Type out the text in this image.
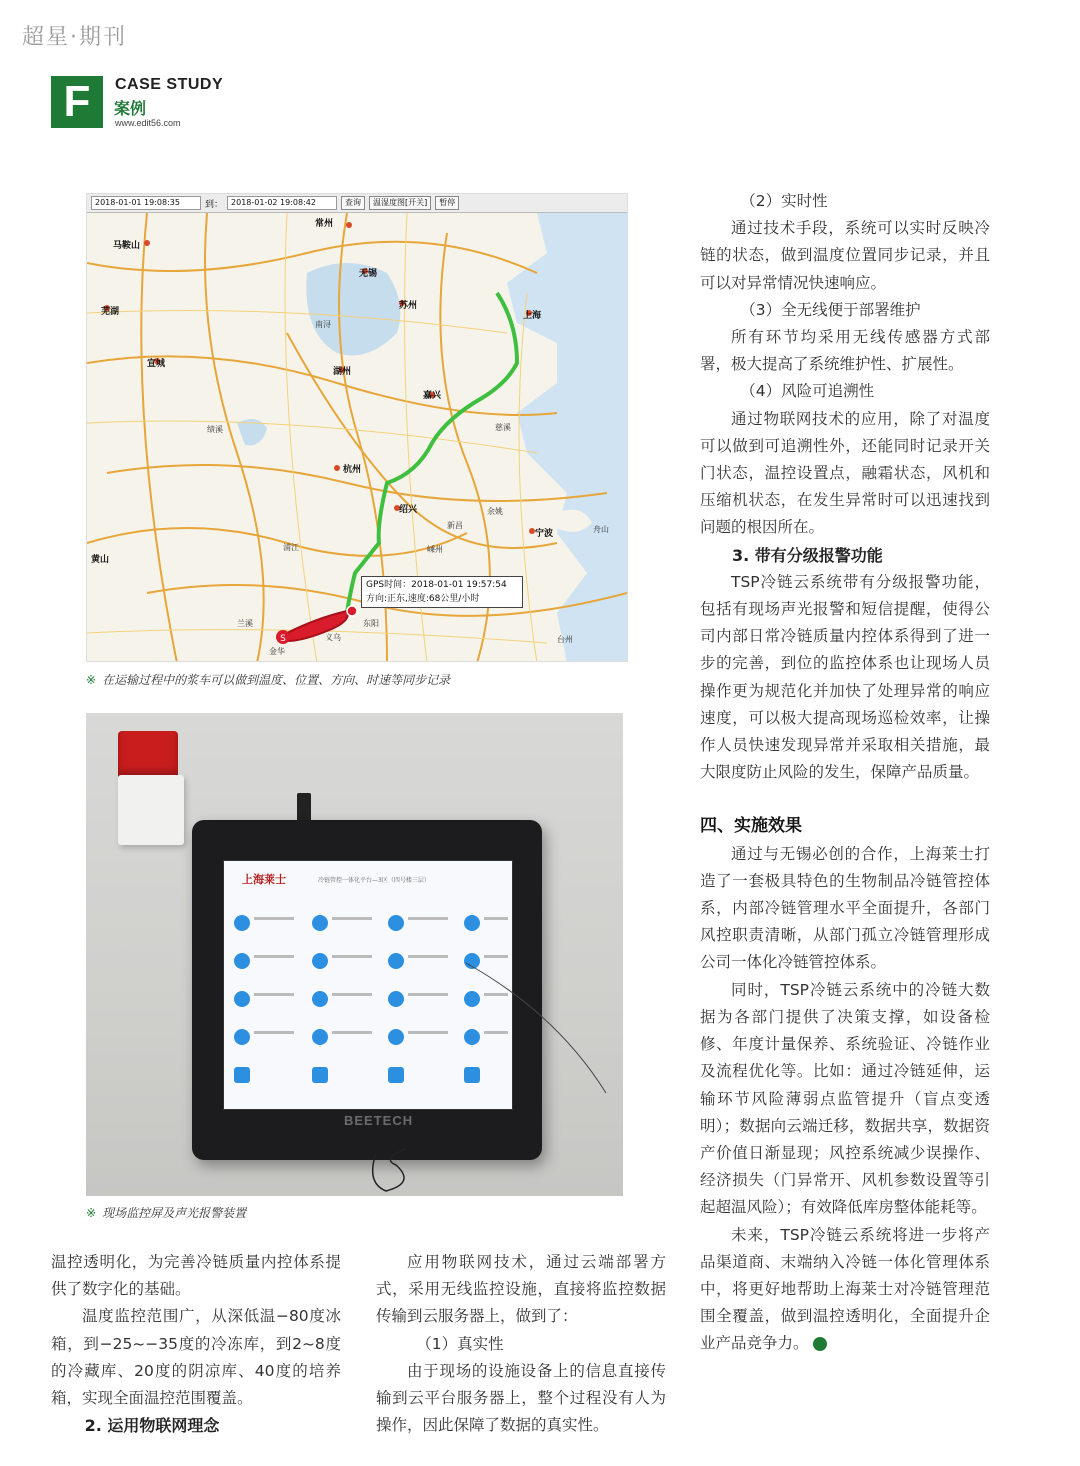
超星·期刊
F	CASE STUDY
案例
www.edit56.com
2018-01-01 19:08:35	到：	2018-01-02 19:08:42	查询	温湿度图[开关]	暂停
S
常州
无锡
苏州
上海
湖州
嘉兴
杭州
绍兴
宁波
芜湖
马鞍山
宣城
黄山
南浔
绩溪
台州
余姚
慈溪
舟山
嵊州
东阳
金华
义乌
浦江
兰溪
新昌
GPS时间：2018-01-01 19:57:54
方向:正东,速度:68公里/小时
※ 在运输过程中的浆车可以做到温度、位置、方向、时速等同步记录
上海莱士	冷链管控一体化平台—3区（四号楼三层）
BEETECH
※ 现场监控屏及声光报警装置

温控透明化，为完善冷链质量内控体系提供了数字化的基础。

温度监控范围广，从深低温−80度冰箱，到−25~−35度的冷冻库，到2~8度的冷藏库、20度的阴凉库、40度的培养箱，实现全面温控范围覆盖。

2. 运用物联网理念

应用物联网技术，通过云端部署方式，采用无线监控设施，直接将监控数据传输到云服务器上，做到了：

（1）真实性

由于现场的设施设备上的信息直接传输到云平台服务器上，整个过程没有人为操作，因此保障了数据的真实性。

（2）实时性

通过技术手段，系统可以实时反映冷链的状态，做到温度位置同步记录，并且可以对异常情况快速响应。

（3）全无线便于部署维护

所有环节均采用无线传感器方式部署，极大提高了系统维护性、扩展性。

（4）风险可追溯性

通过物联网技术的应用，除了对温度可以做到可追溯性外，还能同时记录开关门状态，温控设置点，融霜状态，风机和压缩机状态，在发生异常时可以迅速找到问题的根因所在。

3. 带有分级报警功能

TSP冷链云系统带有分级报警功能，包括有现场声光报警和短信提醒，使得公司内部日常冷链质量内控体系得到了进一步的完善，到位的监控体系也让现场人员操作更为规范化并加快了处理异常的响应速度，可以极大提高现场巡检效率，让操作人员快速发现异常并采取相关措施，最大限度防止风险的发生，保障产品质量。

四、实施效果

通过与无锡必创的合作，上海莱士打造了一套极具特色的生物制品冷链管控体系，内部冷链管理水平全面提升，各部门风控职责清晰，从部门孤立冷链管理形成公司一体化冷链管控体系。

同时，TSP冷链云系统中的冷链大数据为各部门提供了决策支撑，如设备检修、年度计量保养、系统验证、冷链作业及流程优化等。比如：通过冷链延伸，运输环节风险薄弱点监管提升（盲点变透明）；数据向云端迁移，数据共享，数据资产价值日渐显现；风控系统减少误操作、经济损失（门异常开、风机参数设置等引起超温风险）；有效降低库房整体能耗等。

未来，TSP冷链云系统将进一步将产品渠道商、末端纳入冷链一体化管理体系中，将更好地帮助上海莱士对冷链管理范围全覆盖，做到温控透明化，全面提升企业产品竞争力。	✓
